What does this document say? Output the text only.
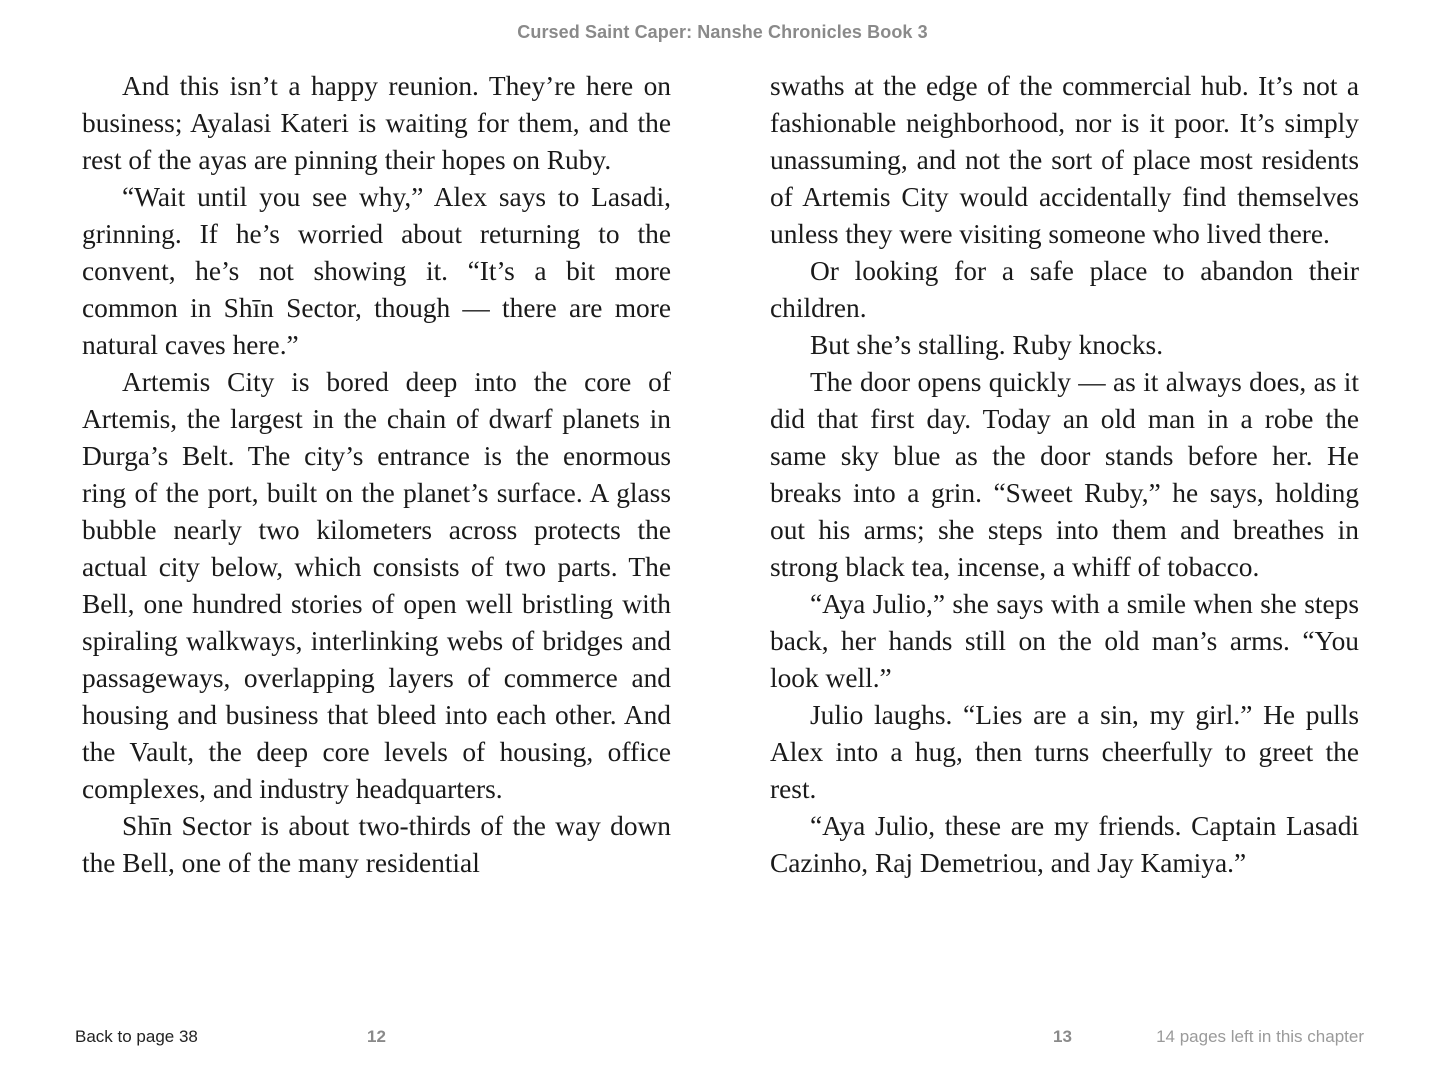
Cursed Saint Caper: Nanshe Chronicles Book 3

And this isn’t a happy reunion. They’re here on business; Ayalasi Kateri is waiting for them, and the rest of the ayas are pinning their hopes on Ruby.

“Wait until you see why,” Alex says to Lasadi, grinning. If he’s worried about returning to the convent, he’s not showing it. “It’s a bit more common in Shīn Sector, though — there are more natural caves here.”

Artemis City is bored deep into the core of Artemis, the largest in the chain of dwarf planets in Durga’s Belt. The city’s entrance is the enormous ring of the port, built on the planet’s surface. A glass bubble nearly two kilometers across protects the actual city below, which consists of two parts. The Bell, one hundred stories of open well bristling with spiraling walkways, interlinking webs of bridges and passageways, overlapping layers of commerce and housing and business that bleed into each other. And the Vault, the deep core levels of housing, office complexes, and industry headquarters.

Shīn Sector is about two-thirds of the way down the Bell, one of the many residential

swaths at the edge of the commercial hub. It’s not a fashionable neighborhood, nor is it poor. It’s simply unassuming, and not the sort of place most residents of Artemis City would accidentally find themselves unless they were visiting someone who lived there.

Or looking for a safe place to abandon their children.

But she’s stalling. Ruby knocks.

The door opens quickly — as it always does, as it did that first day. Today an old man in a robe the same sky blue as the door stands before her. He breaks into a grin. “Sweet Ruby,” he says, holding out his arms; she steps into them and breathes in strong black tea, incense, a whiff of tobacco.

“Aya Julio,” she says with a smile when she steps back, her hands still on the old man’s arms. “You look well.”

Julio laughs. “Lies are a sin, my girl.” He pulls Alex into a hug, then turns cheerfully to greet the rest.

“Aya Julio, these are my friends. Captain Lasadi Cazinho, Raj Demetriou, and Jay Kamiya.”

Back to page 38	12	13	14 pages left in this chapter
